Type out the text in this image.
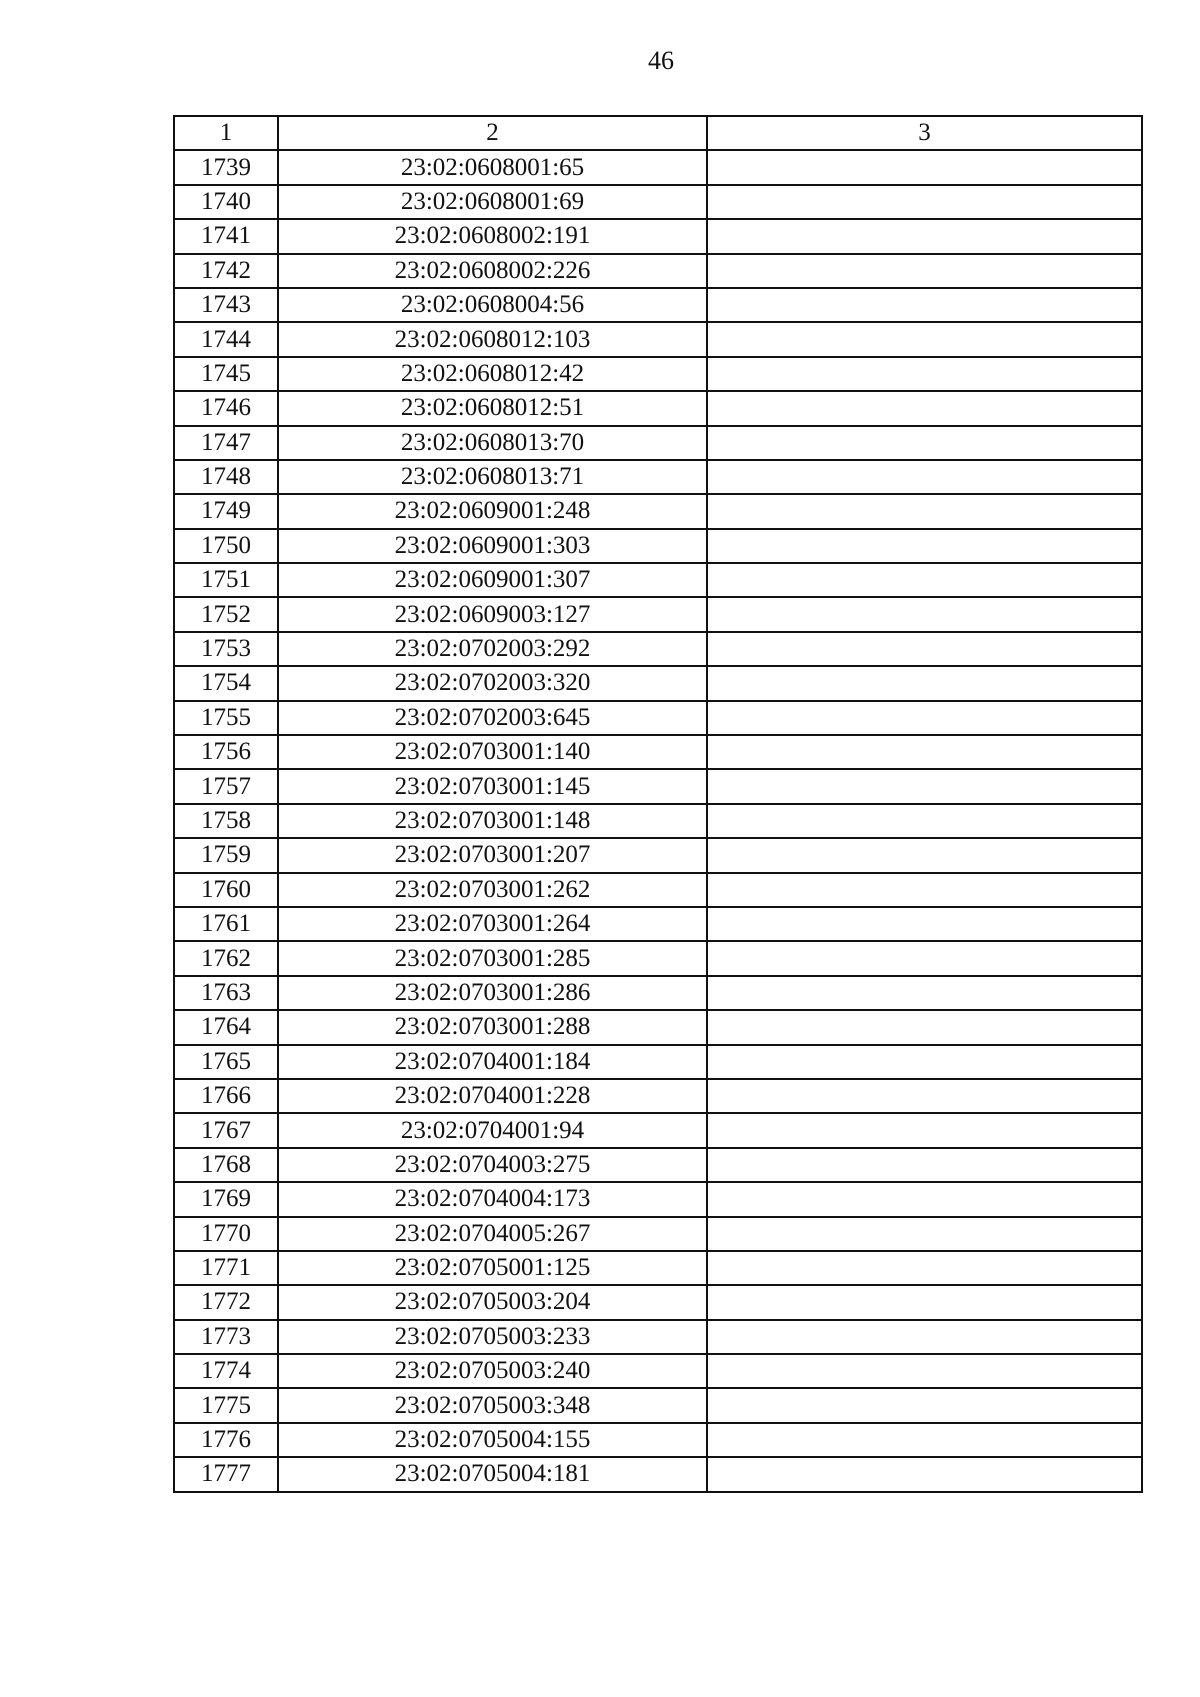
46
1	2	3
1739	23:02:0608001:65	
1740	23:02:0608001:69	
1741	23:02:0608002:191	
1742	23:02:0608002:226	
1743	23:02:0608004:56	
1744	23:02:0608012:103	
1745	23:02:0608012:42	
1746	23:02:0608012:51	
1747	23:02:0608013:70	
1748	23:02:0608013:71	
1749	23:02:0609001:248	
1750	23:02:0609001:303	
1751	23:02:0609001:307	
1752	23:02:0609003:127	
1753	23:02:0702003:292	
1754	23:02:0702003:320	
1755	23:02:0702003:645	
1756	23:02:0703001:140	
1757	23:02:0703001:145	
1758	23:02:0703001:148	
1759	23:02:0703001:207	
1760	23:02:0703001:262	
1761	23:02:0703001:264	
1762	23:02:0703001:285	
1763	23:02:0703001:286	
1764	23:02:0703001:288	
1765	23:02:0704001:184	
1766	23:02:0704001:228	
1767	23:02:0704001:94	
1768	23:02:0704003:275	
1769	23:02:0704004:173	
1770	23:02:0704005:267	
1771	23:02:0705001:125	
1772	23:02:0705003:204	
1773	23:02:0705003:233	
1774	23:02:0705003:240	
1775	23:02:0705003:348	
1776	23:02:0705004:155	
1777	23:02:0705004:181	
